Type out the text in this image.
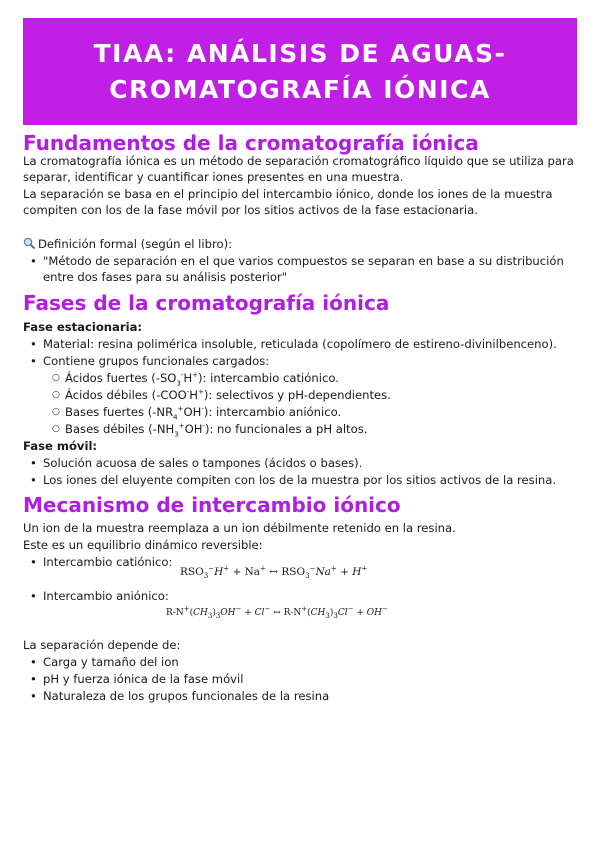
TIAA: ANÁLISIS DE AGUAS-
CROMATOGRAFÍA IÓNICA
Fundamentos de la cromatografía iónica
La cromatografía iónica es un método de separación cromatográfico líquido que se utiliza para
separar, identificar y cuantificar iones presentes en una muestra.
La separación se basa en el principio del intercambio iónico, donde los iones de la muestra
compiten con los de la fase móvil por los sitios activos de la fase estacionaria.
Definición formal (según el libro):
• "Método de separación en el que varios compuestos se separan en base a su distribución
entre dos fases para su análisis posterior"
Fases de la cromatografía iónica
Fase estacionaria:
• Material: resina polimérica insoluble, reticulada (copolímero de estireno-divinilbenceno).
• Contiene grupos funcionales cargados:
○ Ácidos fuertes $(-SO_3^-H^+)$: intercambio catiónico.
○ Ácidos débiles (-COO-H+): selectivos y pH-dependientes.
○ Bases fuertes $(-NR_4^+OH^-)$: intercambio aniónico.
○ Bases débiles $(-NH_3^+OH^-)$: no funcionales a pH altos.
Fase móvil:
• Solución acuosa de sales o tampones (ácidos o bases).
• Los iones del eluyente compiten con los de la muestra por los sitios activos de la resina.
Mecanismo de intercambio iónico
Un ion de la muestra reemplaza a un ion débilmente retenido en la resina.
Este es un equilibrio dinámico reversible:
• Intercambio catiónico:
$RSO_3^-H^+ + Na^+$ ↔ $RSO_3^-Na^+ + H^+$
• Intercambio aniónico:
$R-N^+(CH_3)_3OH^- + Cl^-$ ↔ $R-N^+(CH_3)_3Cl^- + OH^-$
La separación depende de:
• Carga y tamaño del ion
• pH y fuerza iónica de la fase móvil
• Naturaleza de los grupos funcionales de la resina
